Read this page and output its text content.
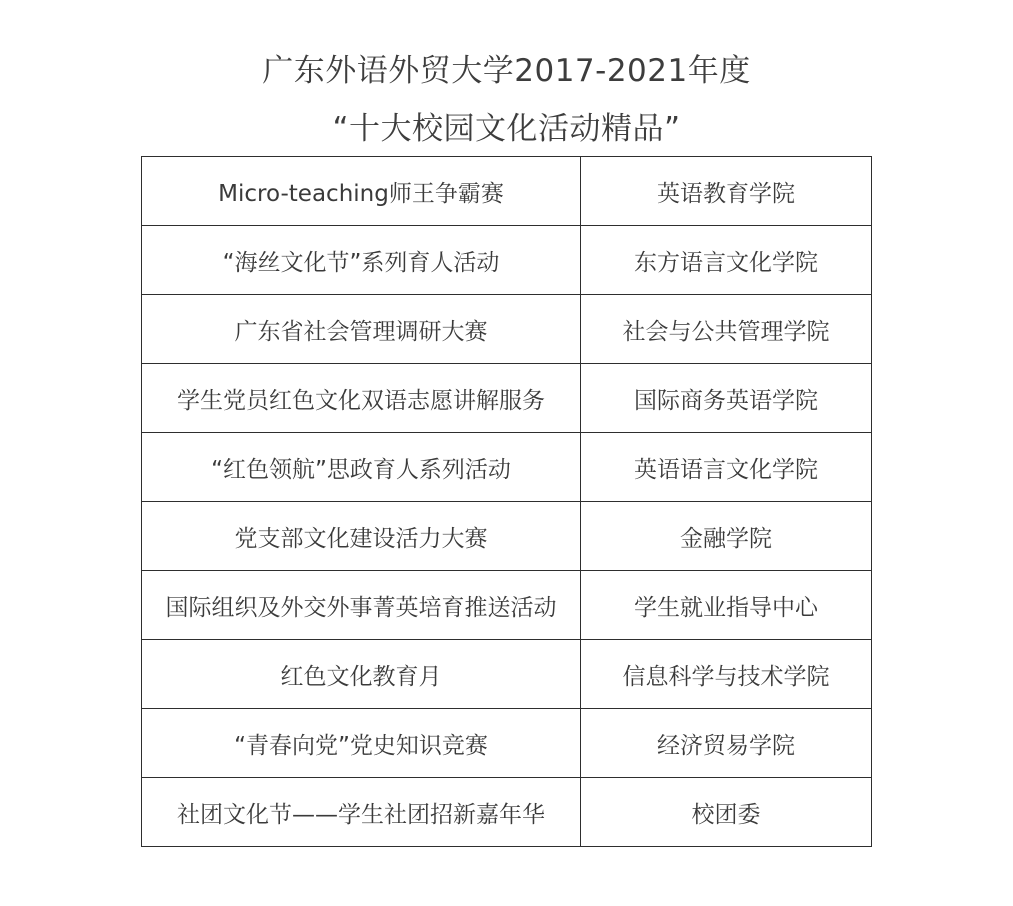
广东外语外贸大学2017-2021年度
“十大校园文化活动精品”
Micro-teaching师王争霸赛	英语教育学院
“海丝文化节”系列育人活动	东方语言文化学院
广东省社会管理调研大赛	社会与公共管理学院
学生党员红色文化双语志愿讲解服务	国际商务英语学院
“红色领航”思政育人系列活动	英语语言文化学院
党支部文化建设活力大赛	金融学院
国际组织及外交外事菁英培育推送活动	学生就业指导中心
红色文化教育月	信息科学与技术学院
“青春向党”党史知识竞赛	经济贸易学院
社团文化节——学生社团招新嘉年华	校团委
